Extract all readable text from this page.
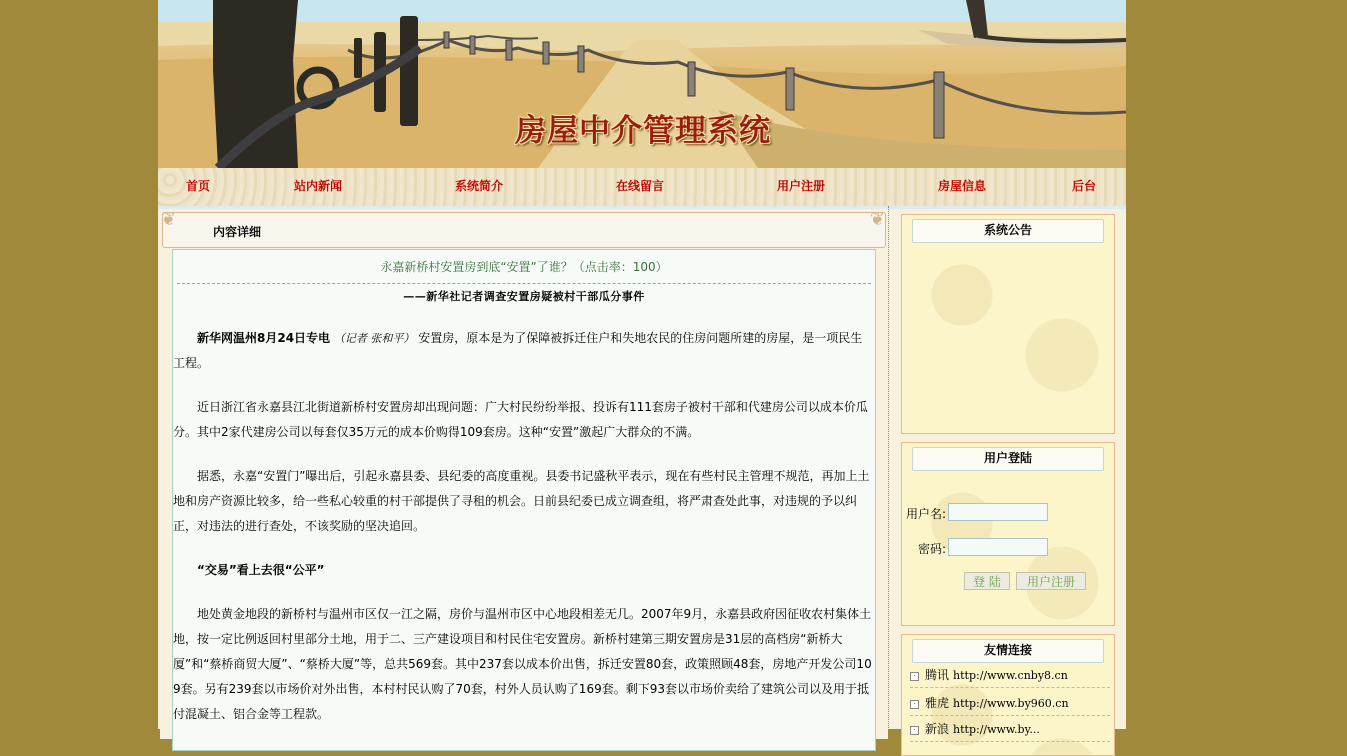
房屋中介管理系统
首页	站内新闻	系统简介	在线留言	用户注册	房屋信息	后台
❦	❦
内容详细
永嘉新桥村安置房到底“安置”了谁？（点击率：100）
——新华社记者调查安置房疑被村干部瓜分事件

新华网温州8月24日专电 （记者 张和平） 安置房，原本是为了保障被拆迁住户和失地农民的住房问题所建的房屋，是一项民生工程。

近日浙江省永嘉县江北街道新桥村安置房却出现问题：广大村民纷纷举报、投诉有111套房子被村干部和代建房公司以成本价瓜分。其中2家代建房公司以每套仅35万元的成本价购得109套房。这种“安置”激起广大群众的不满。

据悉，永嘉“安置门”曝出后，引起永嘉县委、县纪委的高度重视。县委书记盛秋平表示，现在有些村民主管理不规范，再加上土地和房产资源比较多，给一些私心较重的村干部提供了寻租的机会。日前县纪委已成立调查组，将严肃查处此事，对违规的予以纠正，对违法的进行查处，不该奖励的坚决追回。

“交易”看上去很“公平”

地处黄金地段的新桥村与温州市区仅一江之隔，房价与温州市区中心地段相差无几。2007年9月，永嘉县政府因征收农村集体土地，按一定比例返回村里部分土地，用于二、三产建设项目和村民住宅安置房。新桥村建第三期安置房是31层的高档房“新桥大厦”和“蔡桥商贸大厦”、“蔡桥大厦”等，总共569套。其中237套以成本价出售，拆迁安置80套，政策照顾48套，房地产开发公司109套。另有239套以市场价对外出售，本村村民认购了70套，村外人员认购了169套。剩下93套以市场价卖给了建筑公司以及用于抵付混凝土、铝合金等工程款。

系统公告
用户登陆
用户名:
密码:
登 陆	用户注册
友情连接
· 腾讯 http://www.cnby8.cn
· 雅虎 http://www.by960.cn
· 新浪 http://www.by...
